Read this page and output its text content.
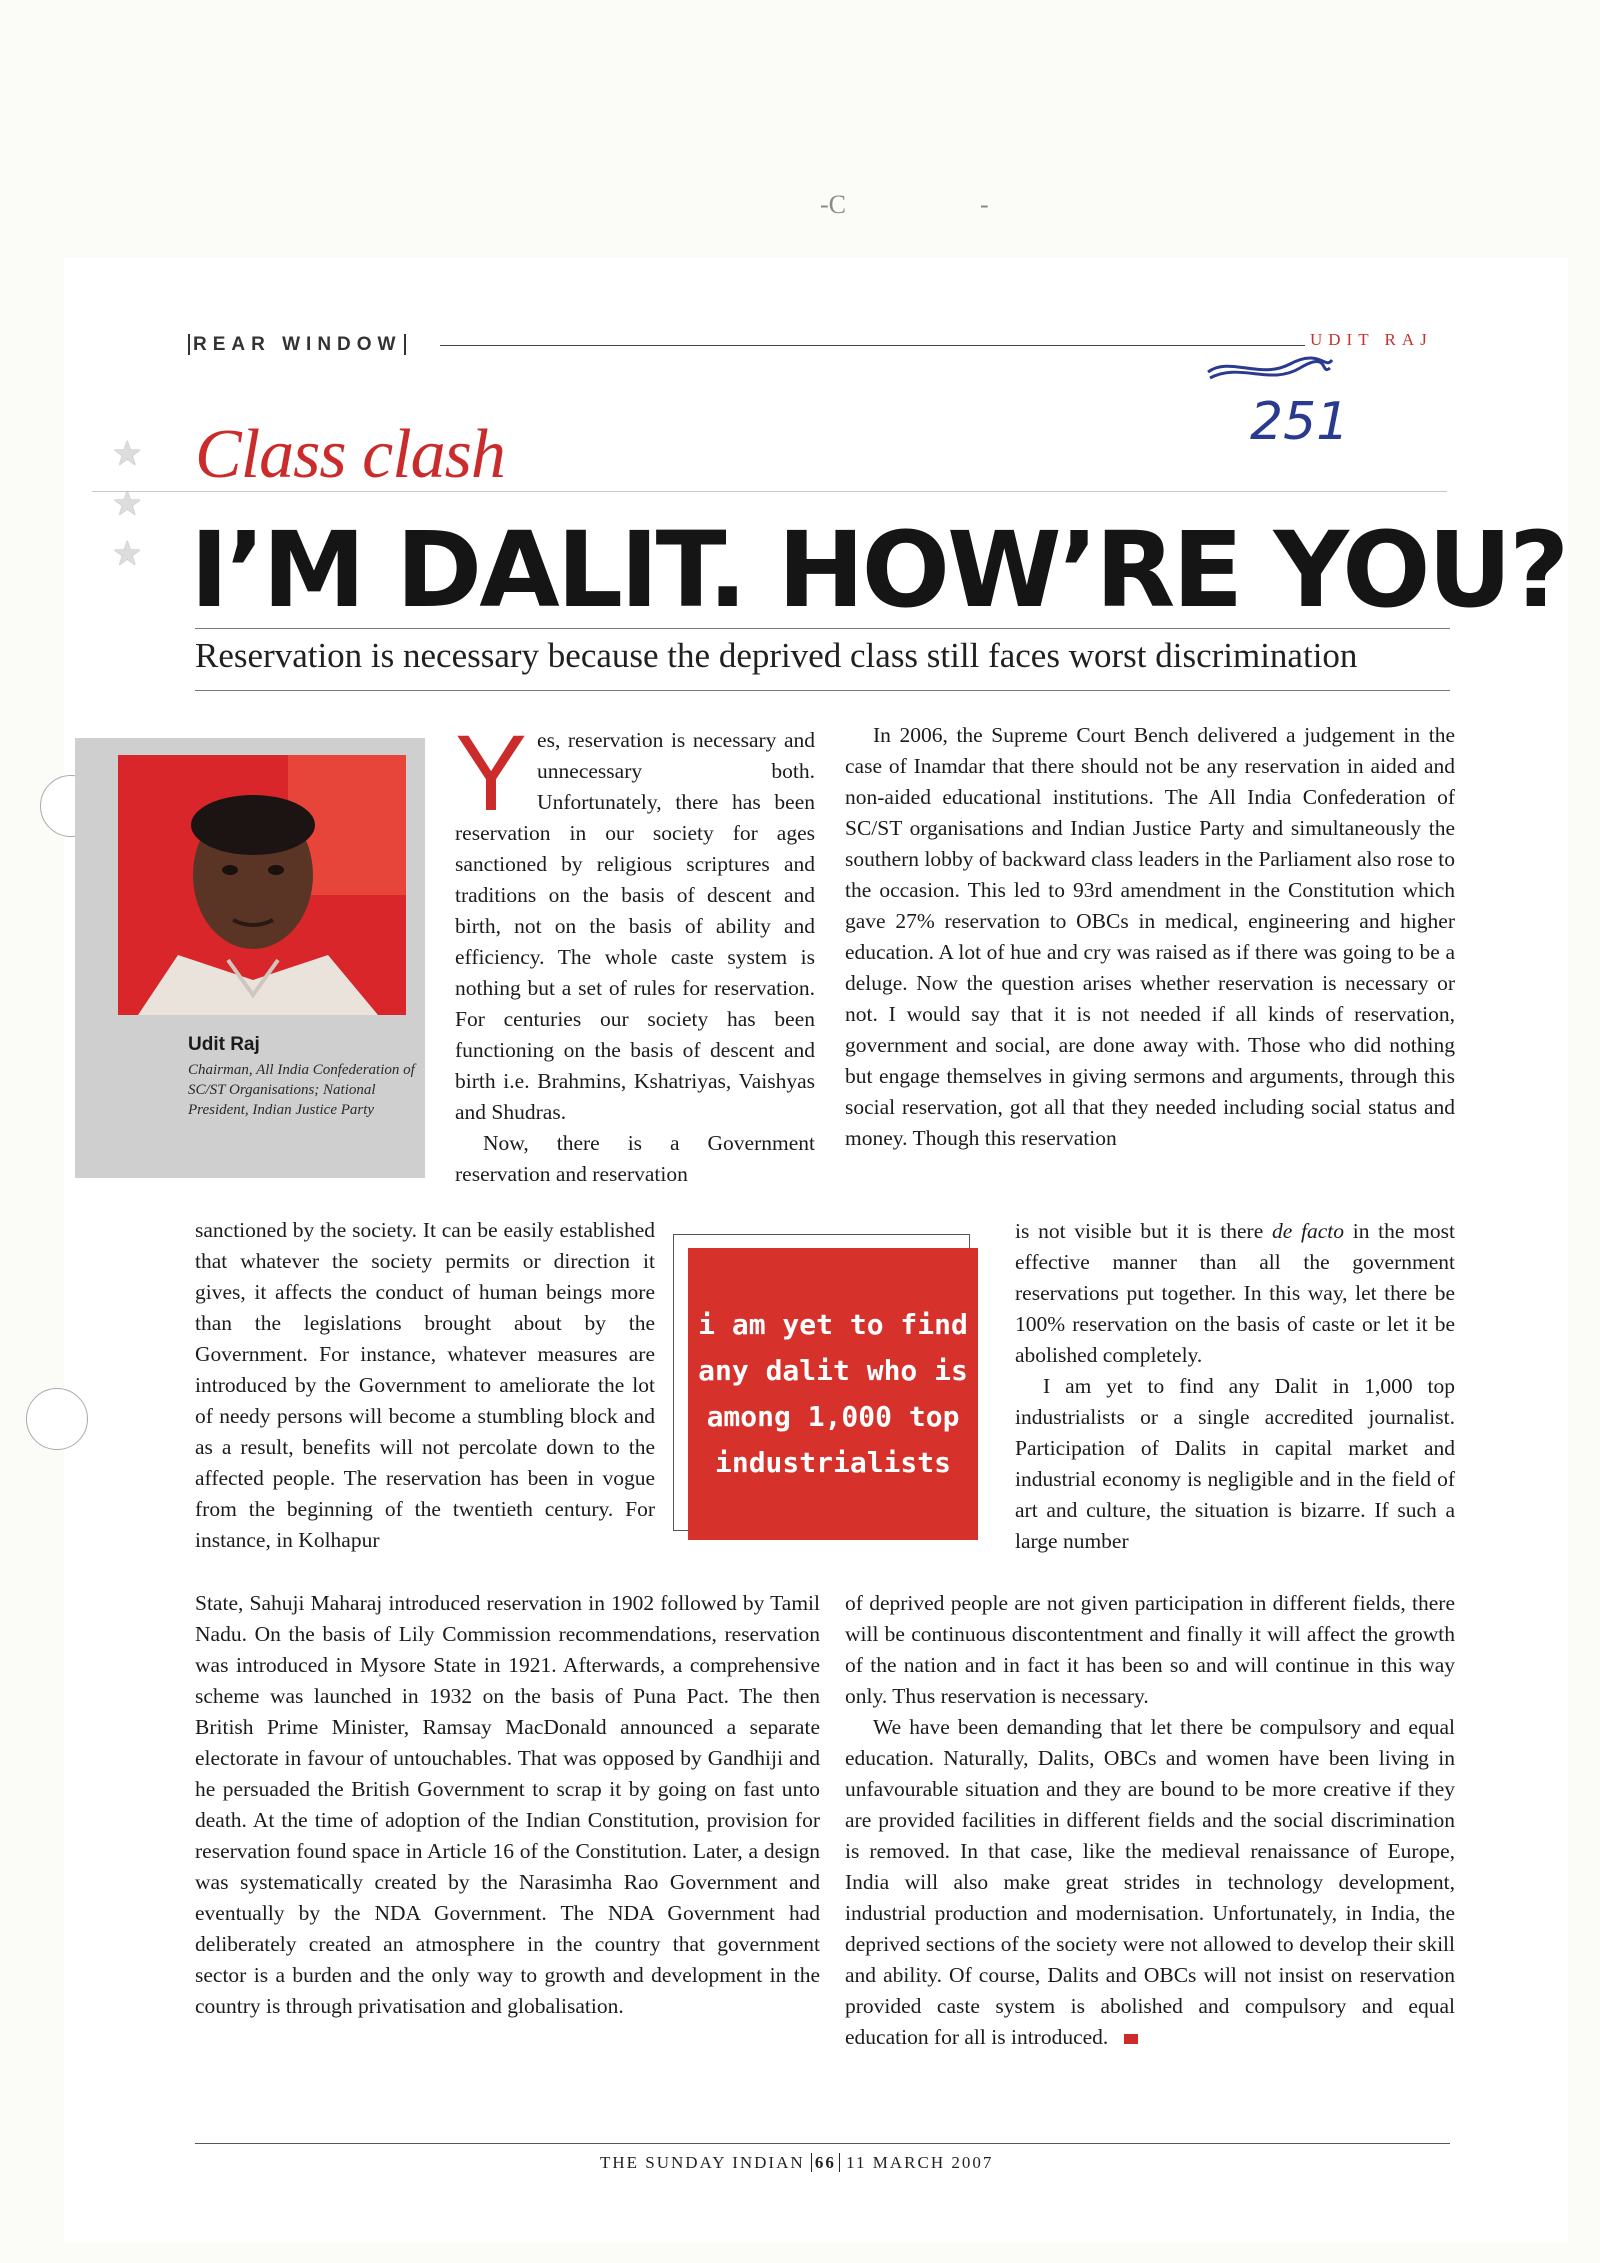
-C	-
REAR WINDOW	UDIT RAJ
251
★
★
★
Class clash
I’M DALIT. HOW’RE YOU?
Reservation is necessary because the deprived class still faces worst discrimination
Udit Raj
Chairman, All India Confederation of SC/ST Organisations; National President, Indian Justice Party

Yes, reservation is necessary and unnecessary both. Unfortunately, there has been reservation in our society for ages sanctioned by religious scriptures and traditions on the basis of descent and birth, not on the basis of ability and efficiency. The whole caste system is nothing but a set of rules for reservation. For centuries our society has been functioning on the basis of descent and birth i.e. Brahmins, Kshatriyas, Vaishyas and Shudras.

Now, there is a Government reservation and reservation

sanctioned by the society. It can be easily established that whatever the society permits or direction it gives, it affects the conduct of human beings more than the legislations brought about by the Government. For instance, whatever measures are introduced by the Government to ameliorate the lot of needy persons will become a stumbling block and as a result, benefits will not percolate down to the affected people. The reservation has been in vogue from the beginning of the twentieth century. For instance, in Kolhapur

State, Sahuji Maharaj introduced reservation in 1902 followed by Tamil Nadu. On the basis of Lily Commission recommendations, reservation was introduced in Mysore State in 1921. Afterwards, a comprehensive scheme was launched in 1932 on the basis of Puna Pact. The then British Prime Minister, Ramsay MacDonald announced a separate electorate in favour of untouchables. That was opposed by Gandhiji and he persuaded the British Government to scrap it by going on fast unto death. At the time of adoption of the Indian Constitution, provision for reservation found space in Article 16 of the Constitution. Later, a design was systematically created by the Narasimha Rao Government and eventually by the NDA Government. The NDA Government had deliberately created an atmosphere in the country that government sector is a burden and the only way to growth and development in the country is through privatisation and globalisation.

In 2006, the Supreme Court Bench delivered a judgement in the case of Inamdar that there should not be any reservation in aided and non-aided educational institutions. The All India Confederation of SC/ST organisations and Indian Justice Party and simultaneously the southern lobby of backward class leaders in the Parliament also rose to the occasion. This led to 93rd amendment in the Constitution which gave 27% reservation to OBCs in medical, engineering and higher education. A lot of hue and cry was raised as if there was going to be a deluge. Now the question arises whether reservation is necessary or not. I would say that it is not needed if all kinds of reservation, government and social, are done away with. Those who did nothing but engage themselves in giving sermons and arguments, through this social reservation, got all that they needed including social status and money. Though this reservation

is not visible but it is there de facto in the most effective manner than all the government reservations put together. In this way, let there be 100% reservation on the basis of caste or let it be abolished completely.

I am yet to find any Dalit in 1,000 top industrialists or a single accredited journalist. Participation of Dalits in capital market and industrial economy is negligible and in the field of art and culture, the situation is bizarre. If such a large number

of deprived people are not given participation in different fields, there will be continuous discontentment and finally it will affect the growth of the nation and in fact it has been so and will continue in this way only. Thus reservation is necessary.

We have been demanding that let there be compulsory and equal education. Naturally, Dalits, OBCs and women have been living in unfavourable situation and they are bound to be more creative if they are provided facilities in different fields and the social discrimination is removed. In that case, like the medieval renaissance of Europe, India will also make great strides in technology development, industrial production and modernisation. Unfortunately, in India, the deprived sections of the society were not allowed to develop their skill and ability. Of course, Dalits and OBCs will not insist on reservation provided caste system is abolished and compulsory and equal education for all is introduced.

i am yet to find any dalit who is among 1,000 top industrialists
THE SUNDAY INDIAN 66 11 MARCH 2007
